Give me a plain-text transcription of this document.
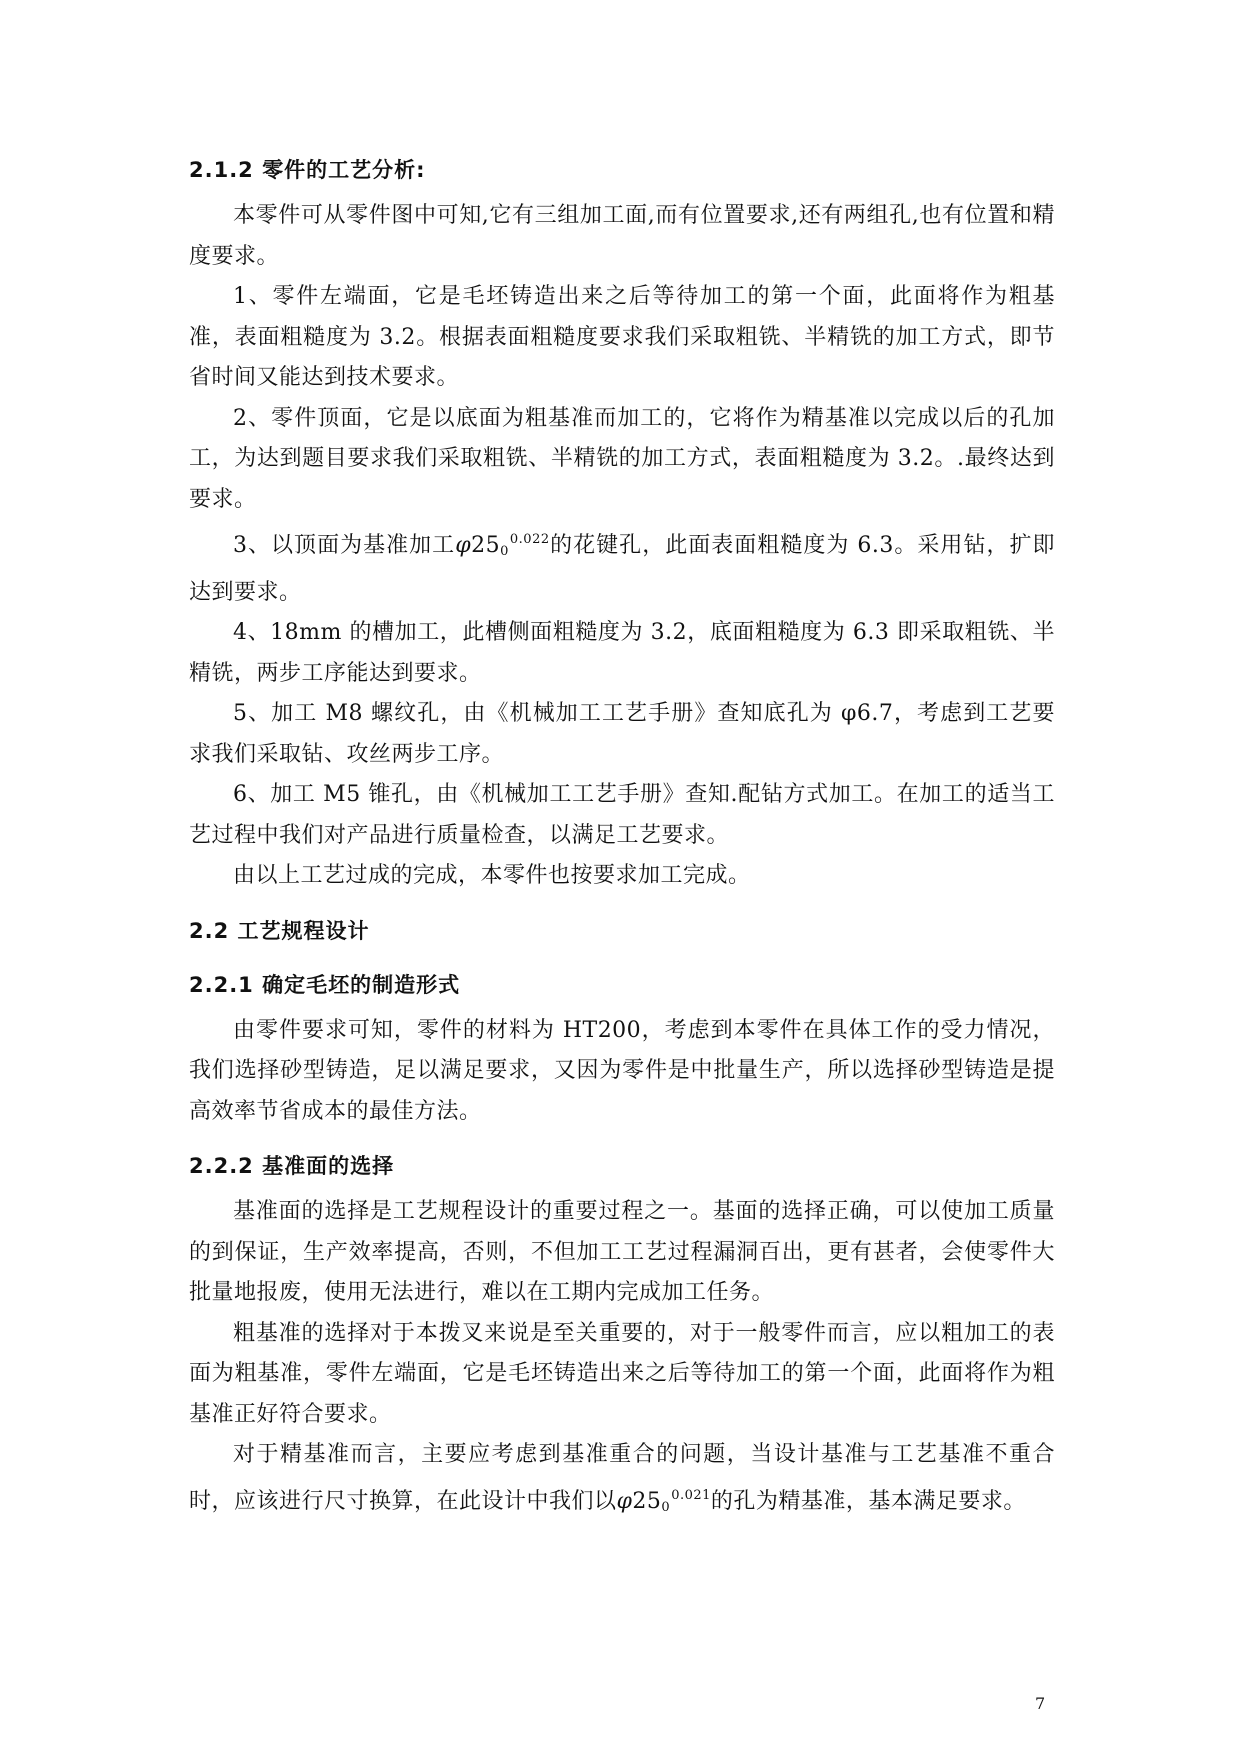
2.1.2 零件的工艺分析:

本零件可从零件图中可知,它有三组加工面,而有位置要求,还有两组孔,也有位置和精度要求。

1、零件左端面，它是毛坯铸造出来之后等待加工的第一个面，此面将作为粗基准，表面粗糙度为 3.2。根据表面粗糙度要求我们采取粗铣、半精铣的加工方式，即节省时间又能达到技术要求。

2、零件顶面，它是以底面为粗基准而加工的，它将作为精基准以完成以后的孔加工，为达到题目要求我们采取粗铣、半精铣的加工方式，表面粗糙度为 3.2。.最终达到要求。

3、以顶面为基准加工$\varphi 25_0^{0.022}$的花键孔，此面表面粗糙度为 6.3。采用钻，扩即达到要求。

4、18mm 的槽加工，此槽侧面粗糙度为 3.2，底面粗糙度为 6.3 即采取粗铣、半精铣，两步工序能达到要求。

5、加工 M8 螺纹孔，由《机械加工工艺手册》查知底孔为 φ6.7，考虑到工艺要求我们采取钻、攻丝两步工序。

6、加工 M5 锥孔，由《机械加工工艺手册》查知.配钻方式加工。在加工的适当工艺过程中我们对产品进行质量检查，以满足工艺要求。

由以上工艺过成的完成，本零件也按要求加工完成。

2.2 工艺规程设计
2.2.1 确定毛坯的制造形式

由零件要求可知，零件的材料为 HT200，考虑到本零件在具体工作的受力情况，我们选择砂型铸造，足以满足要求，又因为零件是中批量生产，所以选择砂型铸造是提高效率节省成本的最佳方法。

2.2.2 基准面的选择

基准面的选择是工艺规程设计的重要过程之一。基面的选择正确，可以使加工质量的到保证，生产效率提高，否则，不但加工工艺过程漏洞百出，更有甚者，会使零件大批量地报废，使用无法进行，难以在工期内完成加工任务。

粗基准的选择对于本拨叉来说是至关重要的，对于一般零件而言，应以粗加工的表面为粗基准，零件左端面，它是毛坯铸造出来之后等待加工的第一个面，此面将作为粗基准正好符合要求。

对于精基准而言，主要应考虑到基准重合的问题，当设计基准与工艺基准不重合时，应该进行尺寸换算，在此设计中我们以$\varphi 25_0^{0.021}$的孔为精基准，基本满足要求。

7
